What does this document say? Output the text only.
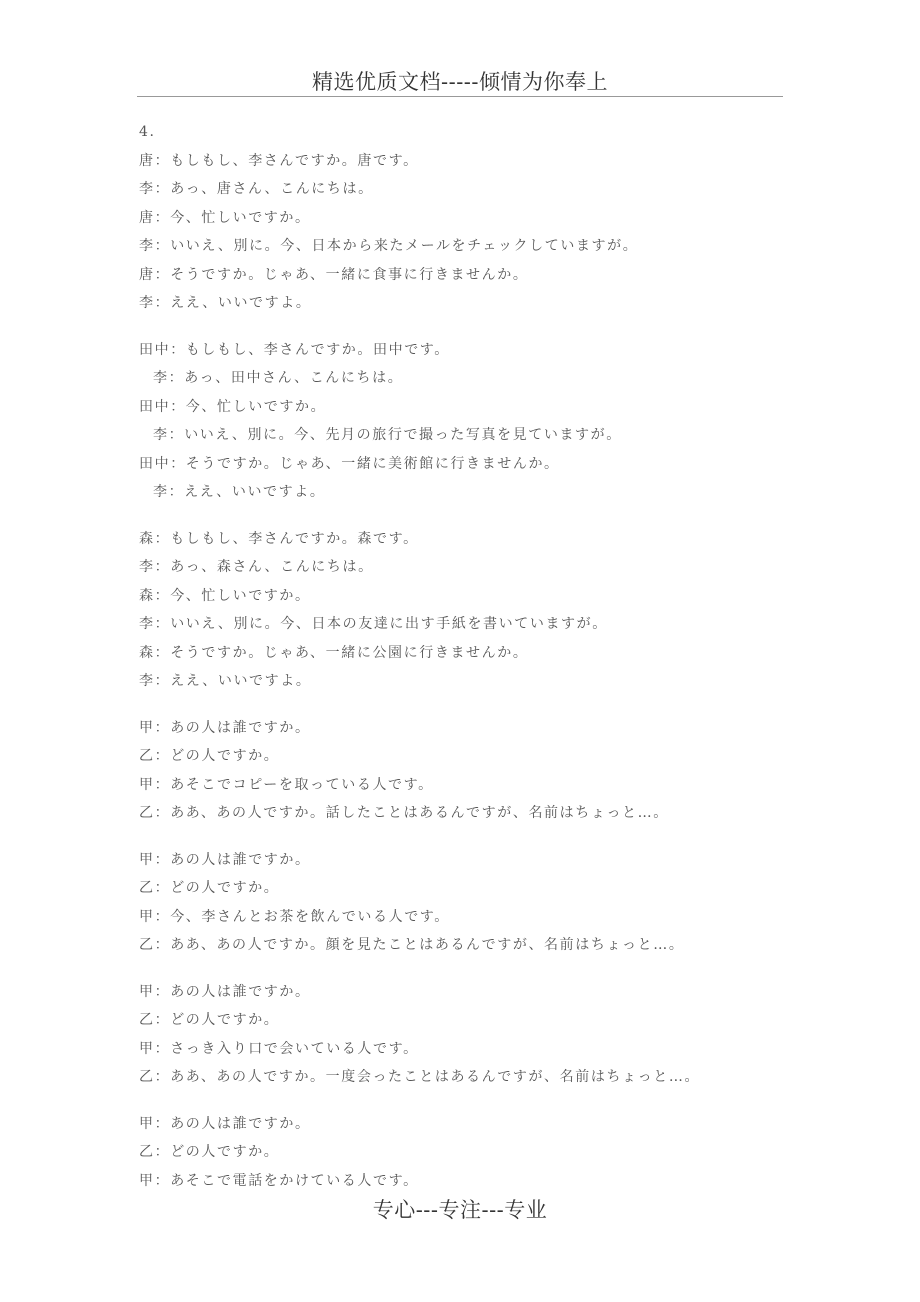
精选优质文档-----倾情为你奉上
4.
唐：もしもし、李さんですか。唐です。
李：あっ、唐さん、こんにちは。
唐：今、忙しいですか。
李：いいえ、別に。今、日本から来たメールをチェックしていますが。
唐：そうですか。じゃあ、一緒に食事に行きませんか。
李：ええ、いいですよ。
田中：もしもし、李さんですか。田中です。
李：あっ、田中さん、こんにちは。
田中：今、忙しいですか。
李：いいえ、別に。今、先月の旅行で撮った写真を見ていますが。
田中：そうですか。じゃあ、一緒に美術館に行きませんか。
李：ええ、いいですよ。
森：もしもし、李さんですか。森です。
李：あっ、森さん、こんにちは。
森：今、忙しいですか。
李：いいえ、別に。今、日本の友達に出す手紙を書いていますが。
森：そうですか。じゃあ、一緒に公園に行きませんか。
李：ええ、いいですよ。
甲：あの人は誰ですか。
乙：どの人ですか。
甲：あそこでコピーを取っている人です。
乙：ああ、あの人ですか。話したことはあるんですが、名前はちょっと…。
甲：あの人は誰ですか。
乙：どの人ですか。
甲：今、李さんとお茶を飲んでいる人です。
乙：ああ、あの人ですか。顔を見たことはあるんですが、名前はちょっと…。
甲：あの人は誰ですか。
乙：どの人ですか。
甲：さっき入り口で会いている人です。
乙：ああ、あの人ですか。一度会ったことはあるんですが、名前はちょっと…。
甲：あの人は誰ですか。
乙：どの人ですか。
甲：あそこで電話をかけている人です。
专心---专注---专业
